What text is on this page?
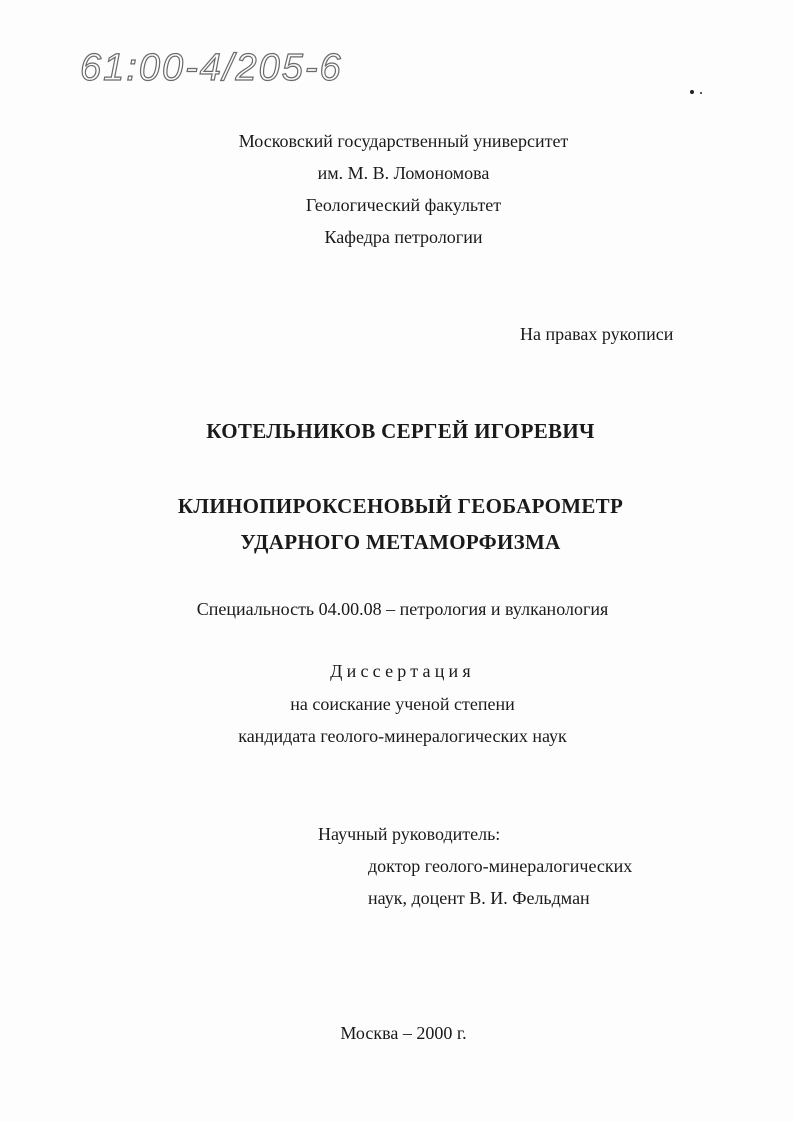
61:00-4/205-6
Московский государственный университет
им. М. В. Ломономова
Геологический факультет
Кафедра петрологии
На правах рукописи
КОТЕЛЬНИКОВ СЕРГЕЙ ИГОРЕВИЧ
КЛИНОПИРОКСЕНОВЫЙ ГЕОБАРОМЕТР
УДАРНОГО МЕТАМОРФИЗМА
Специальность 04.00.08 – петрология и вулканология
Диссертация
на соискание ученой степени
кандидата геолого-минералогических наук
Научный руководитель:
доктор геолого-минералогических
наук, доцент В. И. Фельдман
Москва – 2000 г.
